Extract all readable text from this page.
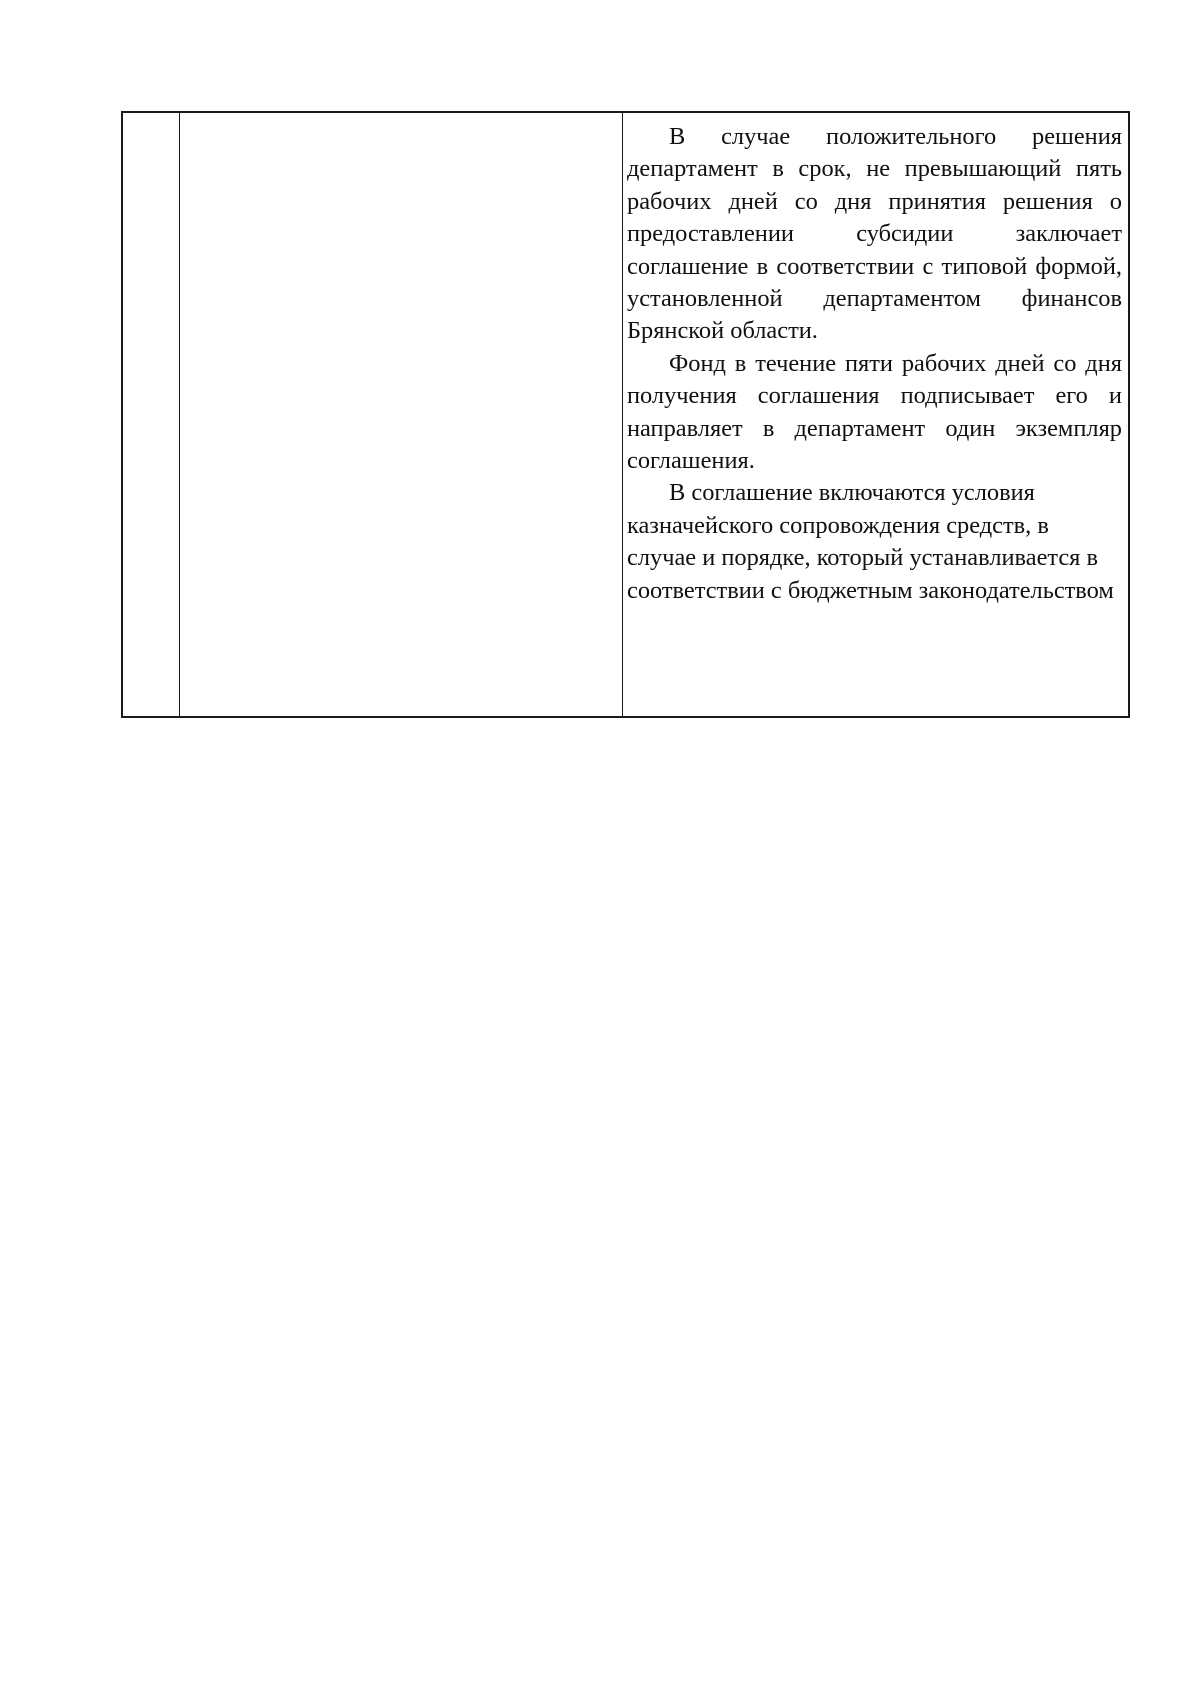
В случае положительного решения департамент в срок, не превышающий пять рабочих дней со дня принятия решения о предоставлении субсидии заключает соглашение в соответствии с типовой формой, установленной департаментом финансов Брянской области.

Фонд в течение пяти рабочих дней со дня получения соглашения подписывает его и направляет в департамент один экземпляр соглашения.

В соглашение включаются условия казначейского сопровождения средств, в случае и порядке, который устанавливается в соответствии с бюджетным законодательством
